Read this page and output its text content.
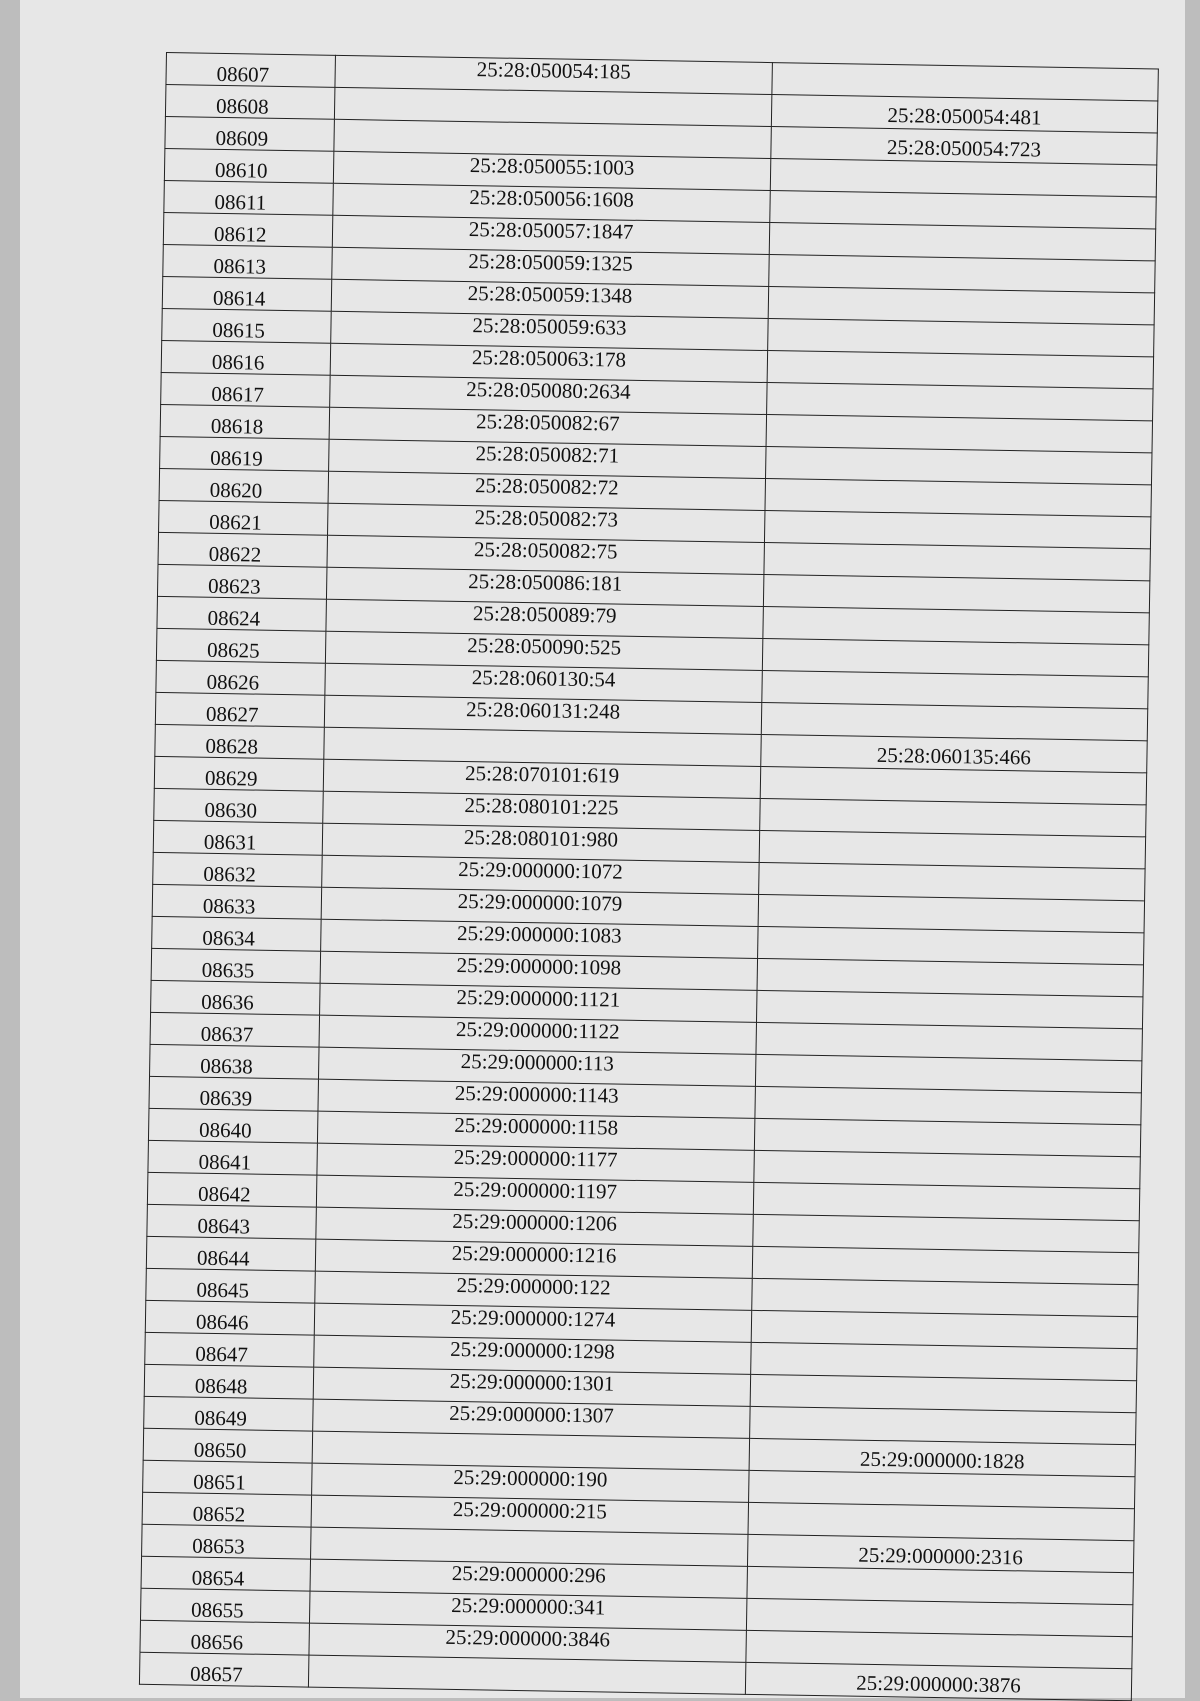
08607	25:28:050054:185	
08608		25:28:050054:481
08609		25:28:050054:723
08610	25:28:050055:1003	
08611	25:28:050056:1608	
08612	25:28:050057:1847	
08613	25:28:050059:1325	
08614	25:28:050059:1348	
08615	25:28:050059:633	
08616	25:28:050063:178	
08617	25:28:050080:2634	
08618	25:28:050082:67	
08619	25:28:050082:71	
08620	25:28:050082:72	
08621	25:28:050082:73	
08622	25:28:050082:75	
08623	25:28:050086:181	
08624	25:28:050089:79	
08625	25:28:050090:525	
08626	25:28:060130:54	
08627	25:28:060131:248	
08628		25:28:060135:466
08629	25:28:070101:619	
08630	25:28:080101:225	
08631	25:28:080101:980	
08632	25:29:000000:1072	
08633	25:29:000000:1079	
08634	25:29:000000:1083	
08635	25:29:000000:1098	
08636	25:29:000000:1121	
08637	25:29:000000:1122	
08638	25:29:000000:113	
08639	25:29:000000:1143	
08640	25:29:000000:1158	
08641	25:29:000000:1177	
08642	25:29:000000:1197	
08643	25:29:000000:1206	
08644	25:29:000000:1216	
08645	25:29:000000:122	
08646	25:29:000000:1274	
08647	25:29:000000:1298	
08648	25:29:000000:1301	
08649	25:29:000000:1307	
08650		25:29:000000:1828
08651	25:29:000000:190	
08652	25:29:000000:215	
08653		25:29:000000:2316
08654	25:29:000000:296	
08655	25:29:000000:341	
08656	25:29:000000:3846	
08657		25:29:000000:3876
